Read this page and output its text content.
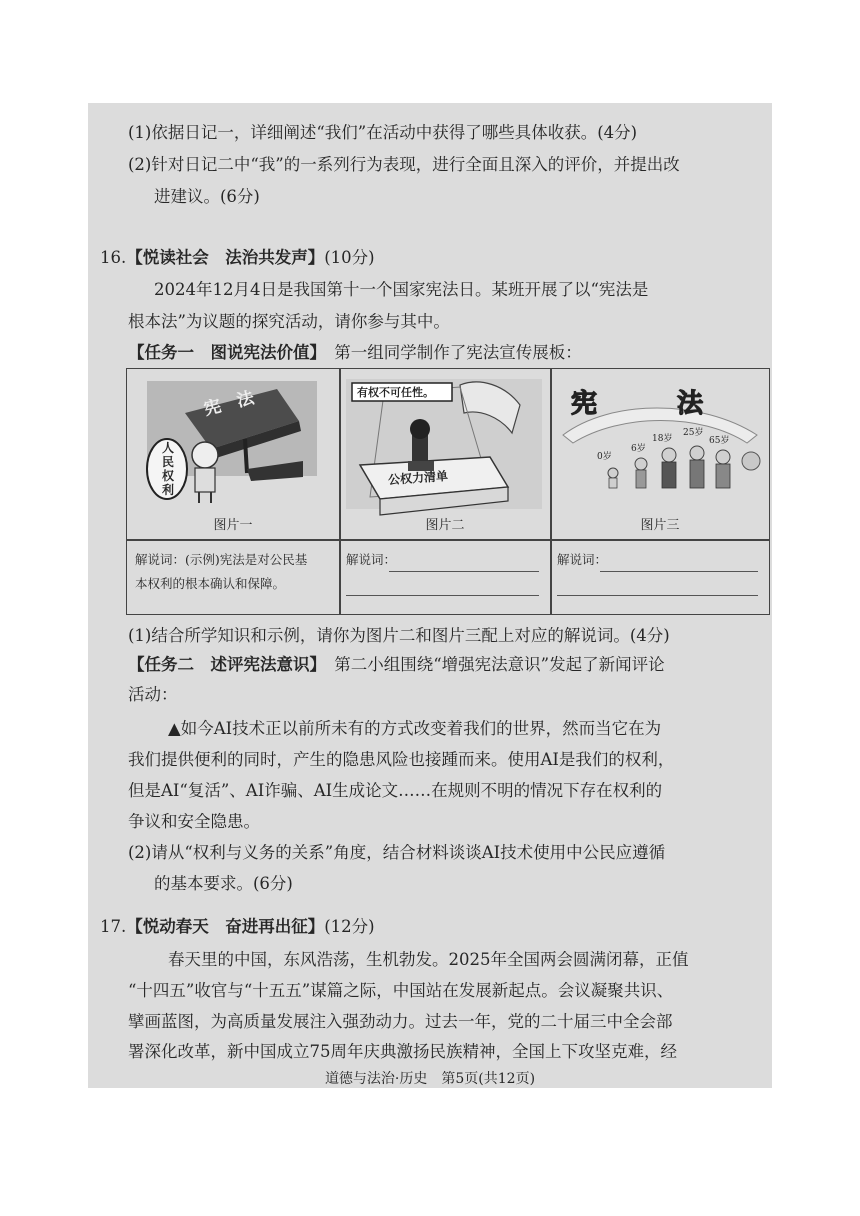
(1)依据日记一，详细阐述“我们”在活动中获得了哪些具体收获。(4分)
(2)针对日记二中“我”的一系列行为表现，进行全面且深入的评价，并提出改
进建议。(6分)
16.【悦读社会　法治共发声】(10分)
2024年12月4日是我国第十一个国家宪法日。某班开展了以“宪法是
根本法”为议题的探究活动，请你参与其中。
【任务一　图说宪法价值】　 第一组同学制作了宪法宣传展板：
宪　法
人民权利
图片一
有权不可任性。
公权力清单
图片二
宪	法
0岁
6岁
18岁
25岁
65岁
图片三
解说词：(示例)宪法是对公民基
本权利的根本确认和保障。
解说词：	解说词：
(1)结合所学知识和示例，请你为图片二和图片三配上对应的解说词。(4分)
【任务二　述评宪法意识】　 第二小组围绕“增强宪法意识”发起了新闻评论
活动：
▲如今AI技术正以前所未有的方式改变着我们的世界，然而当它在为
我们提供便利的同时，产生的隐患风险也接踵而来。使用AI是我们的权利，
但是AI“复活”、AI诈骗、AI生成论文……在规则不明的情况下存在权利的
争议和安全隐患。
(2)请从“权利与义务的关系”角度，结合材料谈谈AI技术使用中公民应遵循
的基本要求。(6分)
17.【悦动春天　奋进再出征】(12分)
春天里的中国，东风浩荡，生机勃发。2025年全国两会圆满闭幕，正值
“十四五”收官与“十五五”谋篇之际，中国站在发展新起点。会议凝聚共识、
擘画蓝图，为高质量发展注入强劲动力。过去一年，党的二十届三中全会部
署深化改革，新中国成立75周年庆典激扬民族精神，全国上下攻坚克难，经
道德与法治·历史　第5页(共12页)
